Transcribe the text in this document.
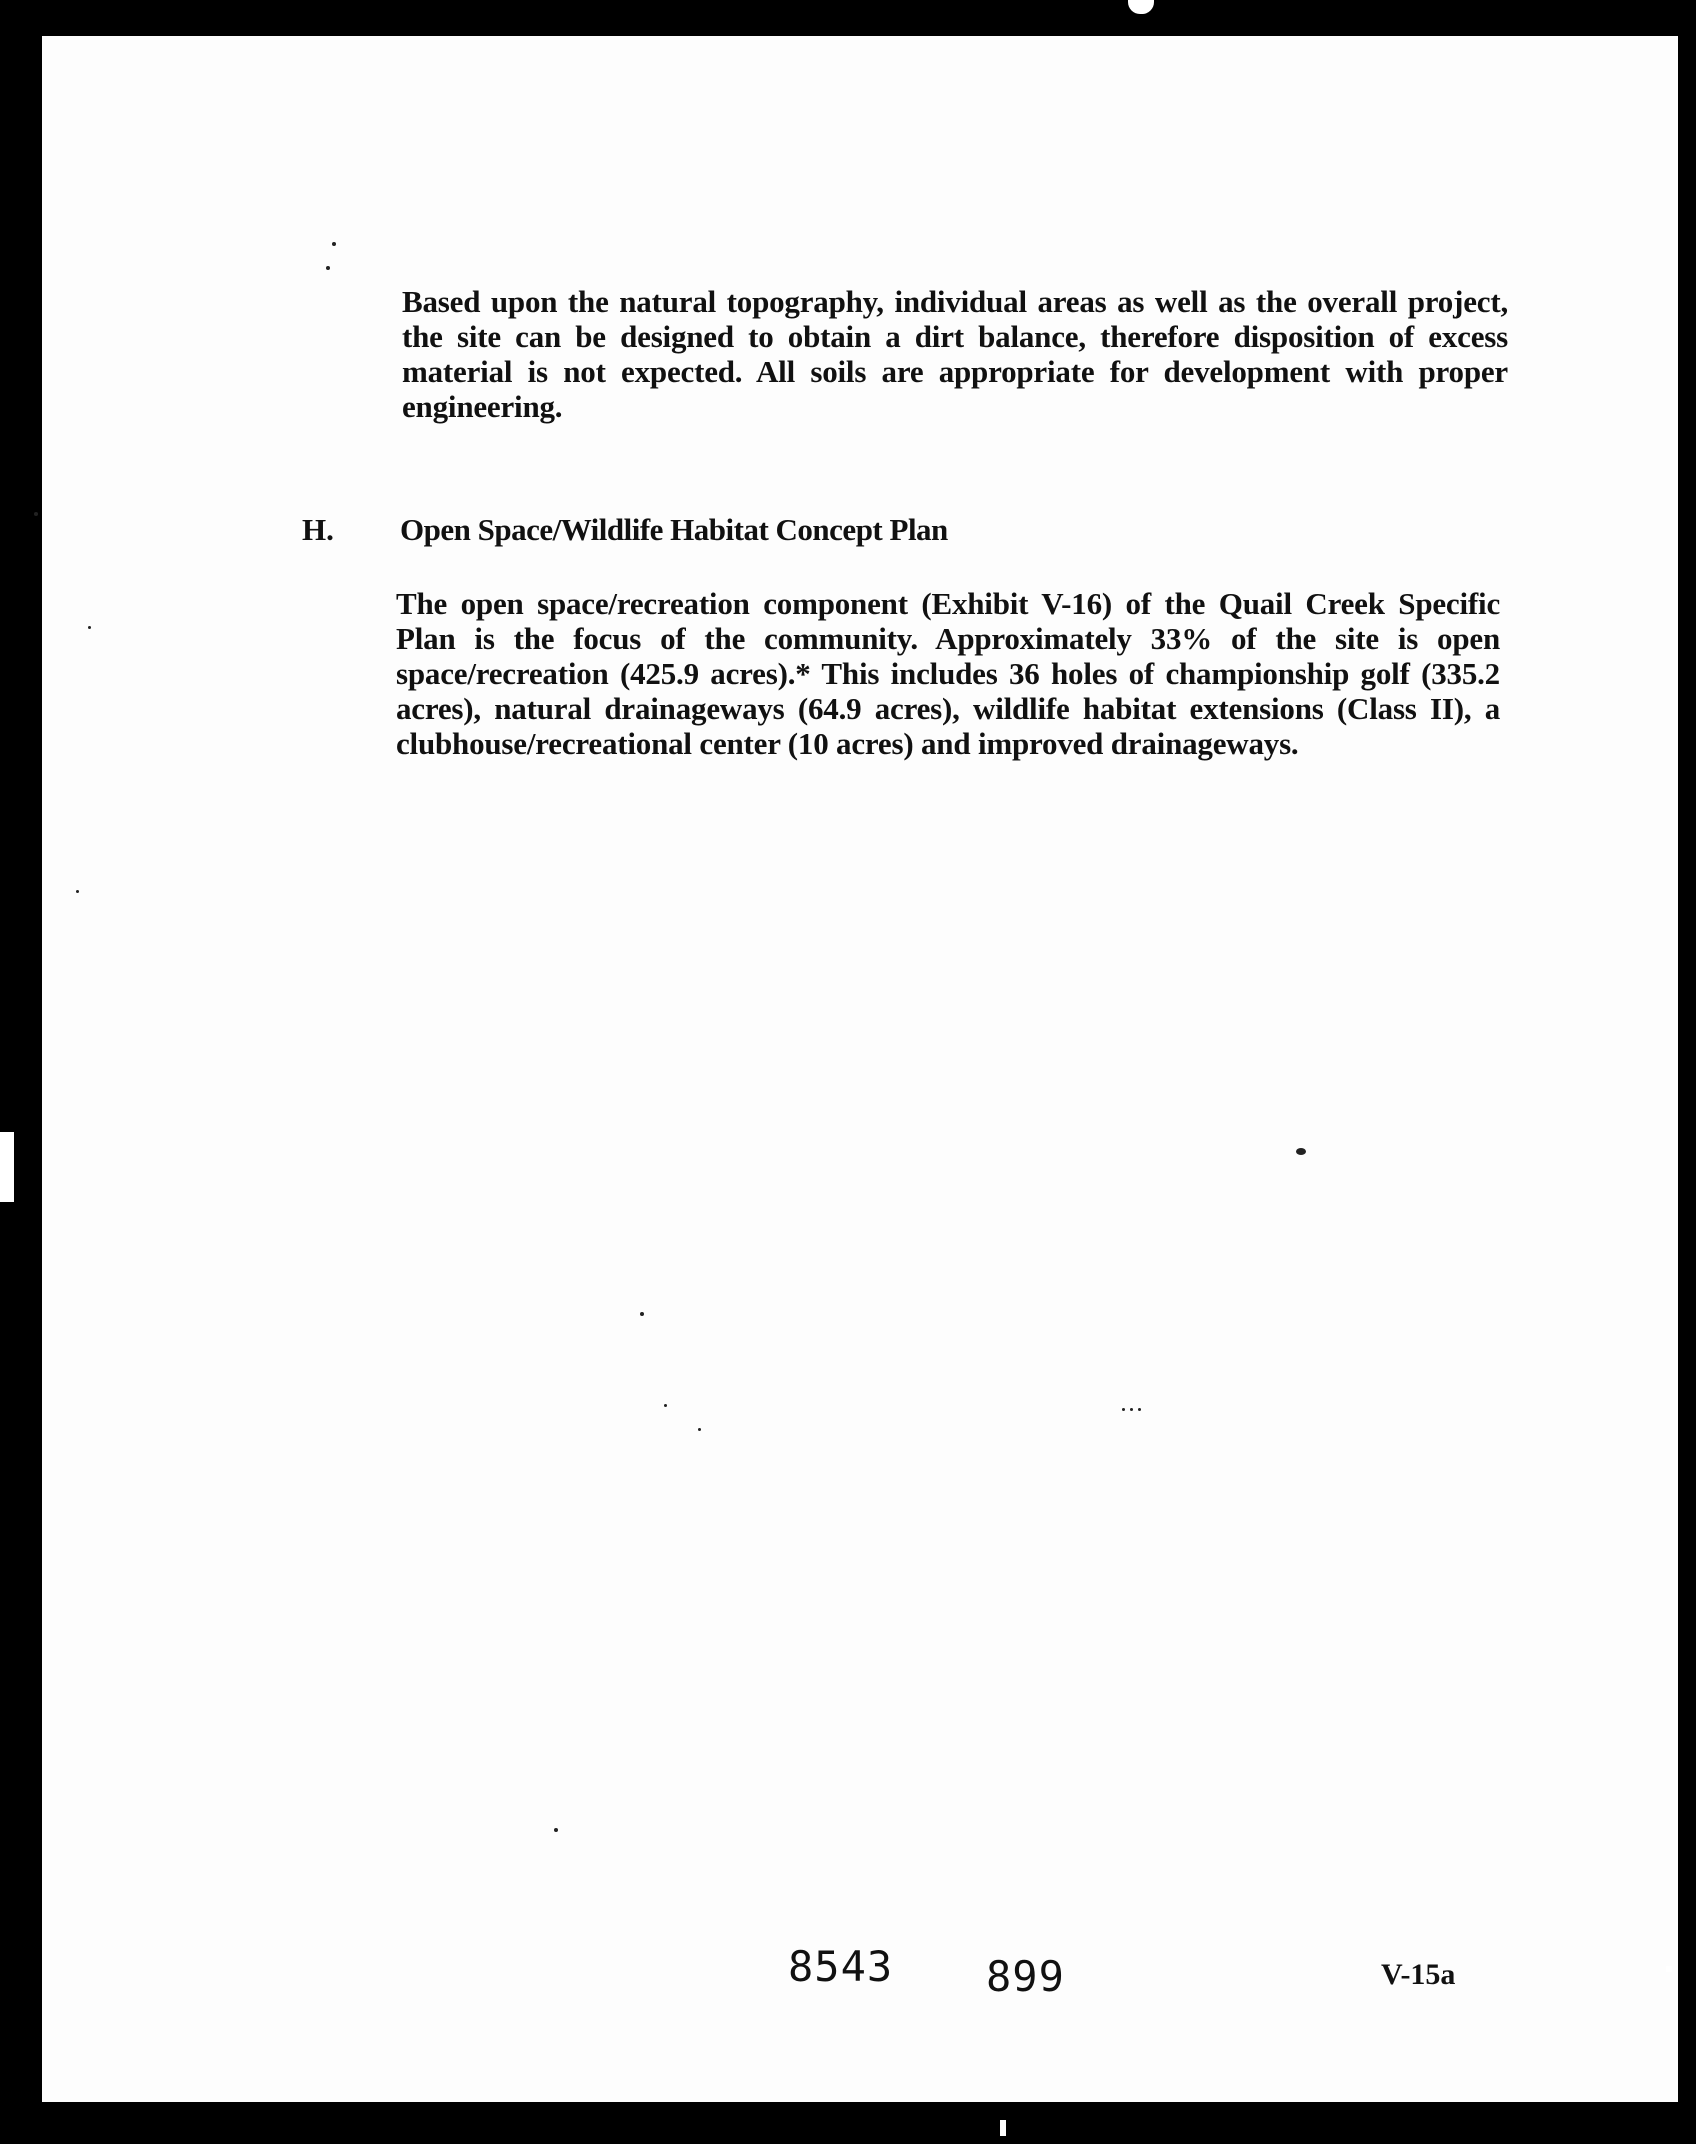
Based upon the natural topography, individual areas as well as the overall project, the site can be designed to obtain a dirt balance, therefore disposition of excess material is not expected. All soils are appropriate for development with proper engineering.
H. Open Space/Wildlife Habitat Concept Plan
The open space/recreation component (Exhibit V-16) of the Quail Creek Specific Plan is the focus of the community. Approximately 33% of the site is open space/recreation (425.9 acres).* This includes 36 holes of championship golf (335.2 acres), natural drainageways (64.9 acres), wildlife habitat extensions (Class II), a clubhouse/recreational center (10 acres) and improved drainageways.
8543 899	V-15a
